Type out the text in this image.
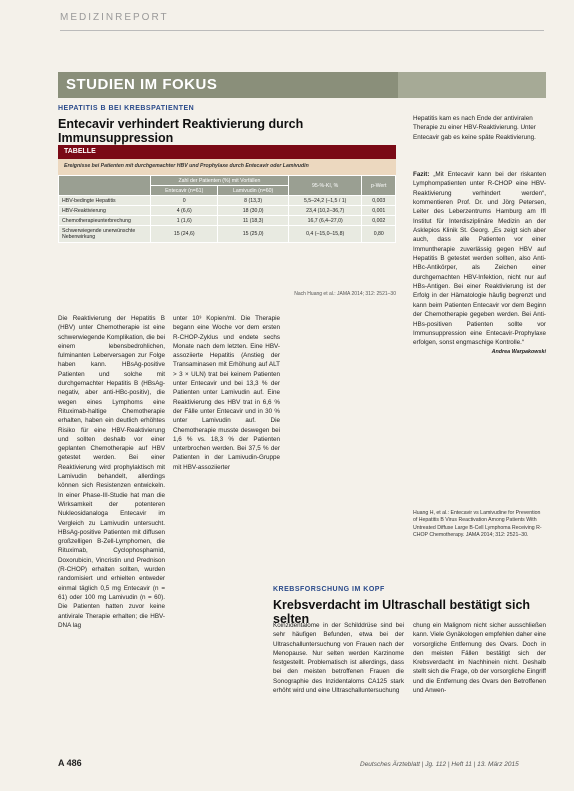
MEDIZINREPORT
STUDIEN IM FOKUS
HEPATITIS B BEI KREBSPATIENTEN
Entecavir verhindert Reaktivierung durch Immunsuppression
TABELLE
Ereignisse bei Patienten mit durchgemachter HBV und Prophylaxe durch Entecavir oder Lamivudin
	Zahl der Patienten (%) mit Vorfällen		95-%-KI, %	p-Wert
	Entecavir (n=61)	Lamivudin (n=60)		
HBV-bedingte Hepatitis	0	8 (13,3)	5,5–24,2 (–1,5 / 1)	0,003
HBV-Reaktivierung	4 (6,6)	18 (30,0)	23,4 (10,2–36,7)	0,001
Chemotherapieunterbrechung	1 (1,6)	11 (18,3)	16,7 (6,4–27,0)	0,002
Schwerwiegende unerwünschte Nebenwirkung	15 (24,6)	15 (25,0)	0,4 (–15,0–15,8)	0,80
Nach Huang et al.: JAMA 2014; 312: 2521–30
Die Reaktivierung der Hepatitis B (HBV) unter Chemotherapie ist eine schwerwiegende Komplikation, die bei einem lebensbedrohlichen, fulminanten Leberversagen zur Folge haben kann. HBsAg-positive Patienten und solche mit durchgemachter Hepatitis B (HBsAg-negativ, aber anti-HBc-positiv), die wegen eines Lymphoms eine Rituximab-haltige Chemotherapie erhalten, haben ein deutlich erhöhtes Risiko für eine HBV-Reaktivierung und sollten deshalb vor einer geplanten Chemotherapie auf HBV getestet werden. Bei einer Reaktivierung wird prophylaktisch mit Lamivudin behandelt, allerdings können sich Resistenzen entwickeln. In einer Phase-III-Studie hat man die Wirksamkeit der potenteren Nukleosidanaloga Entecavir im Vergleich zu Lamivudin untersucht. HBsAg-positive Patienten mit diffusen großzelligen B-Zell-Lymphomen, die Rituximab, Cyclophosphamid, Doxorubicin, Vincristin und Prednison (R-CHOP) erhalten sollten, wurden randomisiert und erhielten entweder einmal täglich 0,5 mg Entecavir (n = 61) oder 100 mg Lamivudin (n = 60). Die Patienten hatten zuvor keine antivirale Therapie erhalten; die HBV-DNA lag
unter 10³ Kopien/ml. Die Therapie begann eine Woche vor dem ersten R-CHOP-Zyklus und endete sechs Monate nach dem letzten. Eine HBV-assoziierte Hepatitis (Anstieg der Transaminasen mit Erhöhung auf ALT > 3 × ULN) trat bei keinem Patienten unter Entecavir und bei 13,3 % der Patienten unter Lamivudin auf. Eine Reaktivierung des HBV trat in 6,6 % der Fälle unter Entecavir und in 30 % unter Lamivudin auf. Die Chemotherapie musste deswegen bei 1,6 % vs. 18,3 % der Patienten unterbrochen werden. Bei 37,5 % der Patienten in der Lamivudin-Gruppe mit HBV-assoziierter
Hepatitis kam es nach Ende der antiviralen Therapie zu einer HBV-Reaktivierung. Unter Entecavir gab es keine späte Reaktivierung.
Fazit: „Mit Entecavir kann bei der riskanten Lymphompatienten unter R-CHOP eine HBV-Reaktivierung verhindert werden“, kommentieren Prof. Dr. und Jörg Petersen, Leiter des Leberzentrums Hamburg am IfI Institut für Interdisziplinäre Medizin an der Asklepios Klinik St. Georg. „Es zeigt sich aber auch, dass alle Patienten vor einer Immuntherapie zuverlässig gegen HBV auf Hepatitis B getestet werden sollten, also Anti-HBc-Antikörper, als Zeichen einer durchgemachten HBV-Infektion, nicht nur auf HBs-Antigen. Bei einer Reaktivierung ist der Erfolg in der Hämatologie häufig begrenzt und kann beim Patienten Entecavir vor dem Beginn der Chemotherapie gegeben werden. Bei Anti-HBs-positiven Patienten sollte vor Immunsuppression eine Entecavir-Prophylaxe erfolgen, sonst engmaschige Kontrolle.“
Andrea Warpakowski
Huang H, et al.: Entecavir vs Lamivudine for Prevention of Hepatitis B Virus Reactivation Among Patients With Untreated Diffuse Large B-Cell Lymphoma Receiving R-CHOP Chemotherapy. JAMA 2014; 312: 2521–30.
KREBSFORSCHUNG IM KOPF
Krebsverdacht im Ultraschall bestätigt sich selten
Koinzidentalome in der Schilddrüse sind bei sehr häufigen Befunden, etwa bei der Ultraschalluntersuchung von Frauen nach der Menopause. Nur selten werden Karzinome festgestellt. Problematisch ist allerdings, dass bei den meisten betroffenen Frauen die Sonographie des Inzidentaloms CA125 stark erhöht wird und eine Ultraschalluntersuchung
chung ein Malignom nicht sicher ausschließen kann. Viele Gynäkologen empfehlen daher eine vorsorgliche Entfernung des Ovars. Doch in den meisten Fällen bestätigt sich der Krebsverdacht im Nachhinein nicht. Deshalb stellt sich die Frage, ob der vorsorgliche Eingriff und die Entfernung des Ovars den Betroffenen und Anwen-
A 486	Deutsches Ärzteblatt | Jg. 112 | Heft 11 | 13. März 2015
